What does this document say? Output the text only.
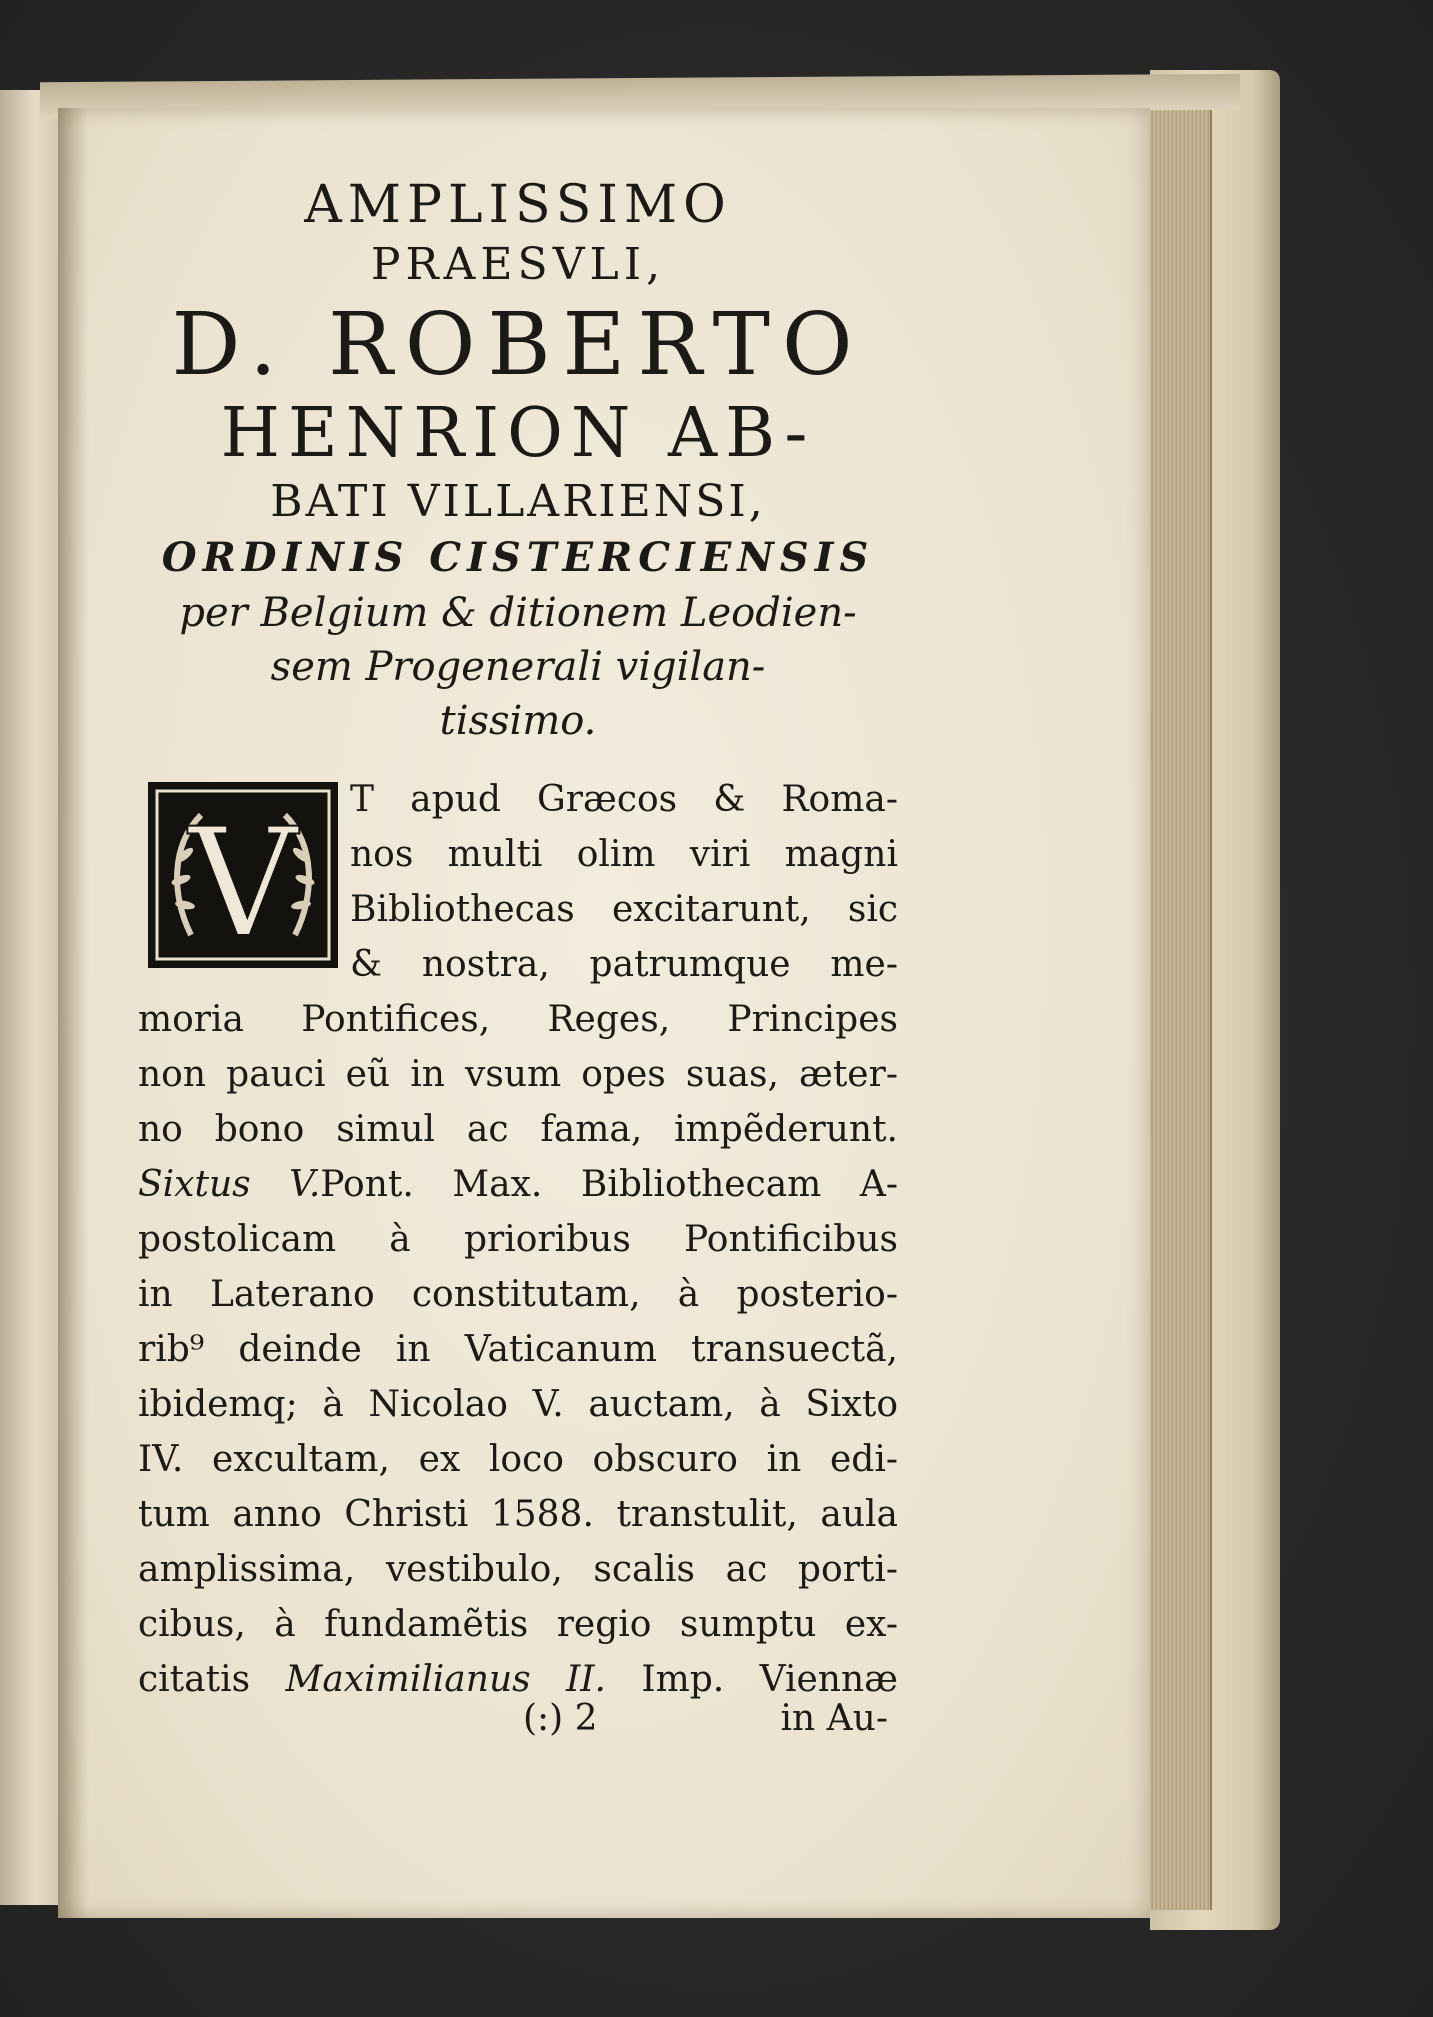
AMPLISSIMO
PRAESVLI,
D. ROBERTO
HENRION AB-
BATI VILLARIENSI,
ORDINIS CISTERCIENSIS
per Belgium & ditionem Leodien-
sem Progenerali vigilan-
tissimo.
V	T apud Græcos & Roma-
nos multi olim viri magni
Bibliothecas excitarunt, sic
& nostra, patrumque me-
moria Pontifices, Reges, Principes
non pauci eũ in vsum opes suas, æter-
no bono simul ac fama, impẽderunt.
Sixtus V.Pont. Max. Bibliothecam A-
postolicam à prioribus Pontificibus
in Laterano constitutam, à posterio-
rib⁹ deinde in Vaticanum transuectã,
ibidemq; à Nicolao V. auctam, à Sixto
IV. excultam, ex loco obscuro in edi-
tum anno Christi 1588. transtulit, aula
amplissima, vestibulo, scalis ac porti-
cibus, à fundamẽtis regio sumptu ex-
citatis Maximilianus II. Imp. Viennæ
(:) 2	in Au-
